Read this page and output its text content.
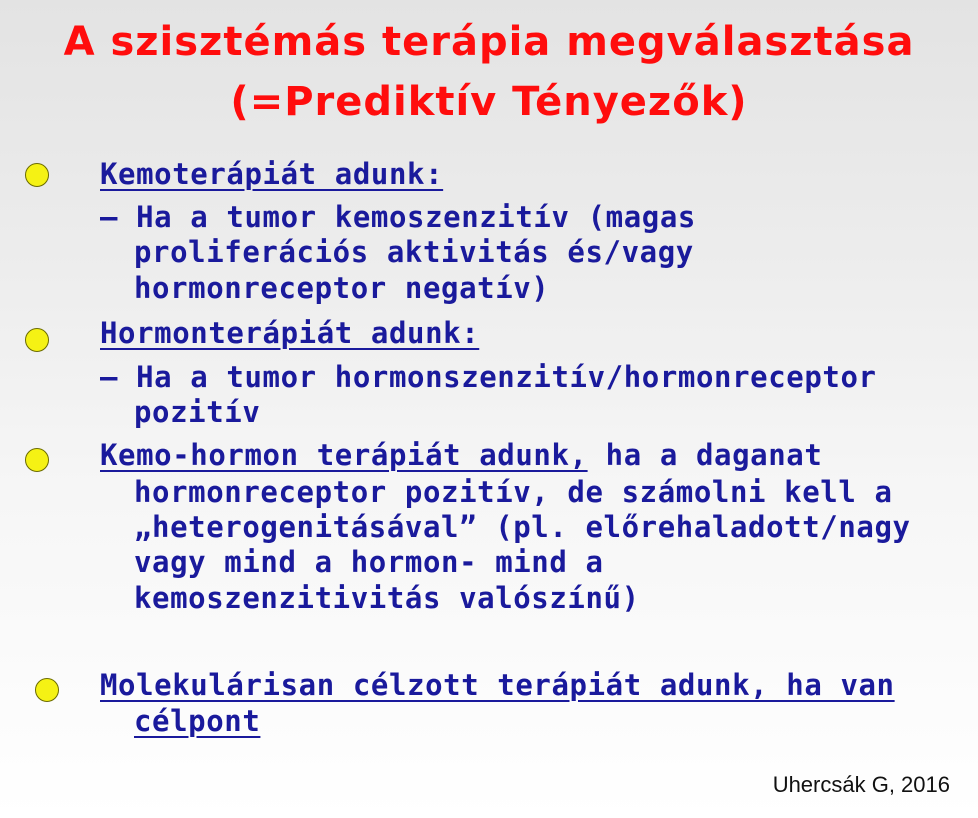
A szisztémás terápia megválasztása
(=Prediktív Tényezők)
Kemoterápiát adunk:
– Ha a tumor kemoszenzitív (magas
proliferációs aktivitás és/vagy
hormonreceptor negatív)
Hormonterápiát adunk:
– Ha a tumor hormonszenzitív/hormonreceptor
pozitív
Kemo-hormon terápiát adunk, ha a daganat
hormonreceptor pozitív, de számolni kell a
„heterogenitásával” (pl. előrehaladott/nagy
vagy mind a hormon- mind a
kemoszenzitivitás valószínű)
Molekulárisan célzott terápiát adunk, ha van
célpont
Uhercsák G, 2016
